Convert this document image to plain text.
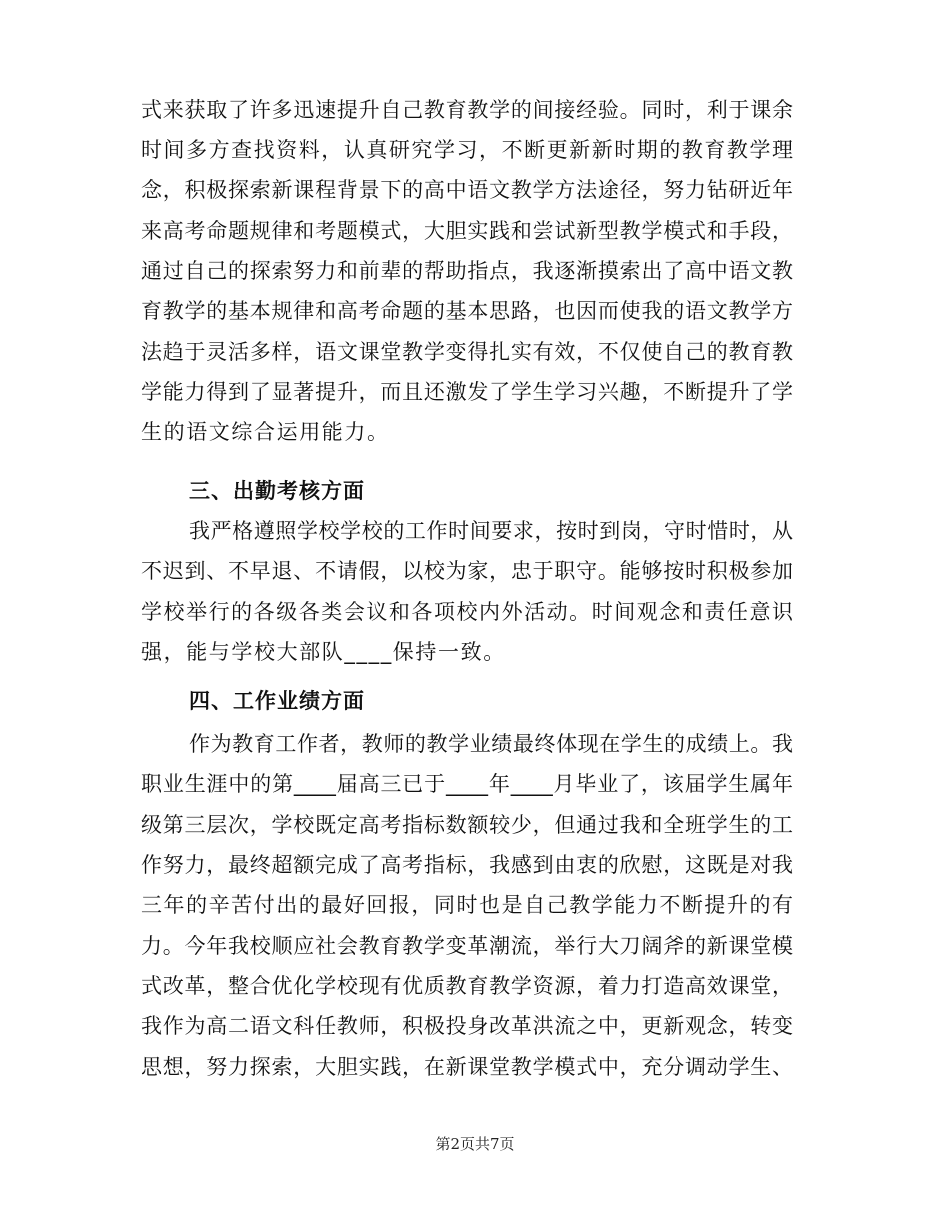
式来获取了许多迅速提升自己教育教学的间接经验。同时，利于课余
时间多方查找资料，认真研究学习，不断更新新时期的教育教学理
念，积极探索新课程背景下的高中语文教学方法途径，努力钻研近年
来高考命题规律和考题模式，大胆实践和尝试新型教学模式和手段，
通过自己的探索努力和前辈的帮助指点，我逐渐摸索出了高中语文教
育教学的基本规律和高考命题的基本思路，也因而使我的语文教学方
法趋于灵活多样，语文课堂教学变得扎实有效，不仅使自己的教育教
学能力得到了显著提升，而且还激发了学生学习兴趣，不断提升了学
生的语文综合运用能力。
三、出勤考核方面
我严格遵照学校学校的工作时间要求，按时到岗，守时惜时，从
不迟到、不早退、不请假，以校为家，忠于职守。能够按时积极参加
学校举行的各级各类会议和各项校内外活动。时间观念和责任意识
强，能与学校大部队____保持一致。
四、工作业绩方面
作为教育工作者，教师的教学业绩最终体现在学生的成绩上。我
职业生涯中的第____届高三已于____年____月毕业了，该届学生属年
级第三层次，学校既定高考指标数额较少，但通过我和全班学生的工
作努力，最终超额完成了高考指标，我感到由衷的欣慰，这既是对我
三年的辛苦付出的最好回报，同时也是自己教学能力不断提升的有
力。今年我校顺应社会教育教学变革潮流，举行大刀阔斧的新课堂模
式改革，整合优化学校现有优质教育教学资源，着力打造高效课堂，
我作为高二语文科任教师，积极投身改革洪流之中，更新观念，转变
思想，努力探索，大胆实践，在新课堂教学模式中，充分调动学生、
第2页共7页
